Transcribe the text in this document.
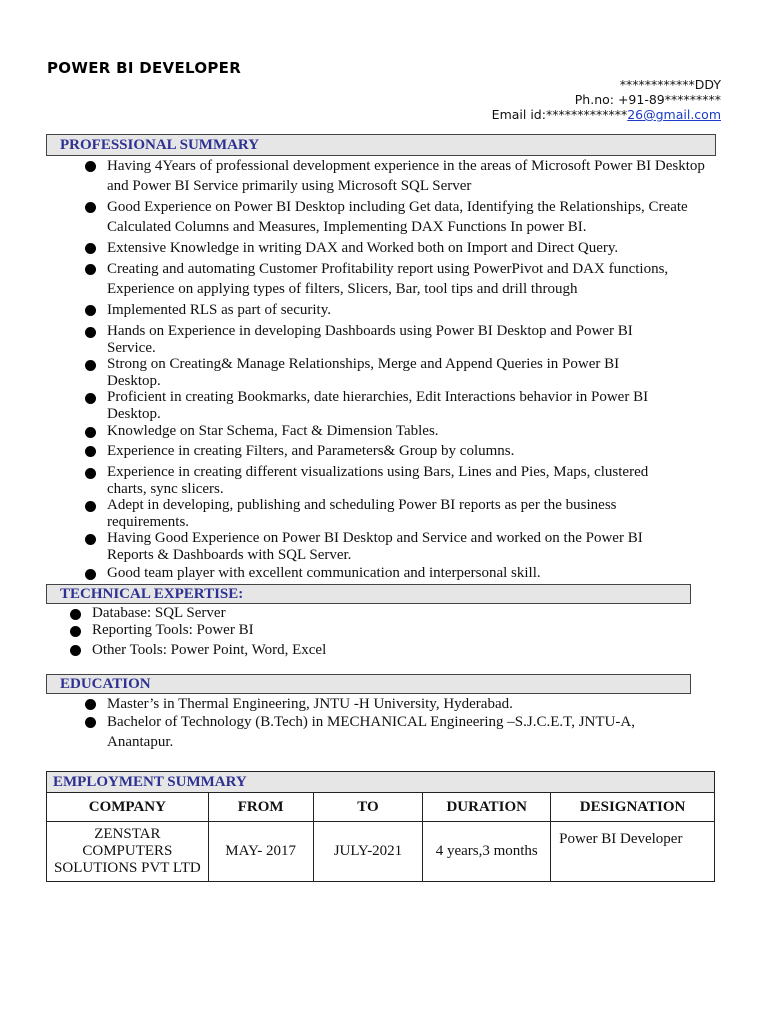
POWER BI DEVELOPER
************DDY
Ph.no: +91-89*********
Email id:*************26@gmail.com
PROFESSIONAL SUMMARY
Having 4Years of professional development experience in the areas of Microsoft Power BI Desktop and Power BI Service primarily using Microsoft SQL Server
Good Experience on Power BI Desktop including Get data, Identifying the Relationships, Create Calculated Columns and Measures, Implementing DAX Functions In power BI.
Extensive Knowledge in writing DAX and Worked both on Import and Direct Query.
Creating and automating Customer Profitability report using PowerPivot and DAX functions, Experience on applying types of filters, Slicers, Bar, tool tips and drill through
Implemented RLS as part of security.
Hands on Experience in developing Dashboards using Power BI Desktop and Power BI Service.
Strong on Creating& Manage Relationships, Merge and Append Queries in Power BI Desktop.
Proficient in creating Bookmarks, date hierarchies, Edit Interactions behavior in Power BI Desktop.
Knowledge on Star Schema, Fact & Dimension Tables.
Experience in creating Filters, and Parameters& Group by columns.
Experience in creating different visualizations using Bars, Lines and Pies, Maps, clustered charts, sync slicers.
Adept in developing, publishing and scheduling Power BI reports as per the business requirements.
Having Good Experience on Power BI Desktop and Service and worked on the Power BI Reports & Dashboards with SQL Server.
Good team player with excellent communication and interpersonal skill.
TECHNICAL EXPERTISE:
Database: SQL Server
Reporting Tools: Power BI
Other Tools: Power Point, Word, Excel
EDUCATION
Master’s in Thermal Engineering, JNTU -H University, Hyderabad.
Bachelor of Technology (B.Tech) in MECHANICAL Engineering –S.J.C.E.T, JNTU-A, Anantapur.
EMPLOYMENT SUMMARY				
COMPANY	FROM	TO	DURATION	DESIGNATION
ZENSTAR COMPUTERS SOLUTIONS PVT LTD	MAY- 2017	JULY-2021	4 years,3 months	Power BI Developer
